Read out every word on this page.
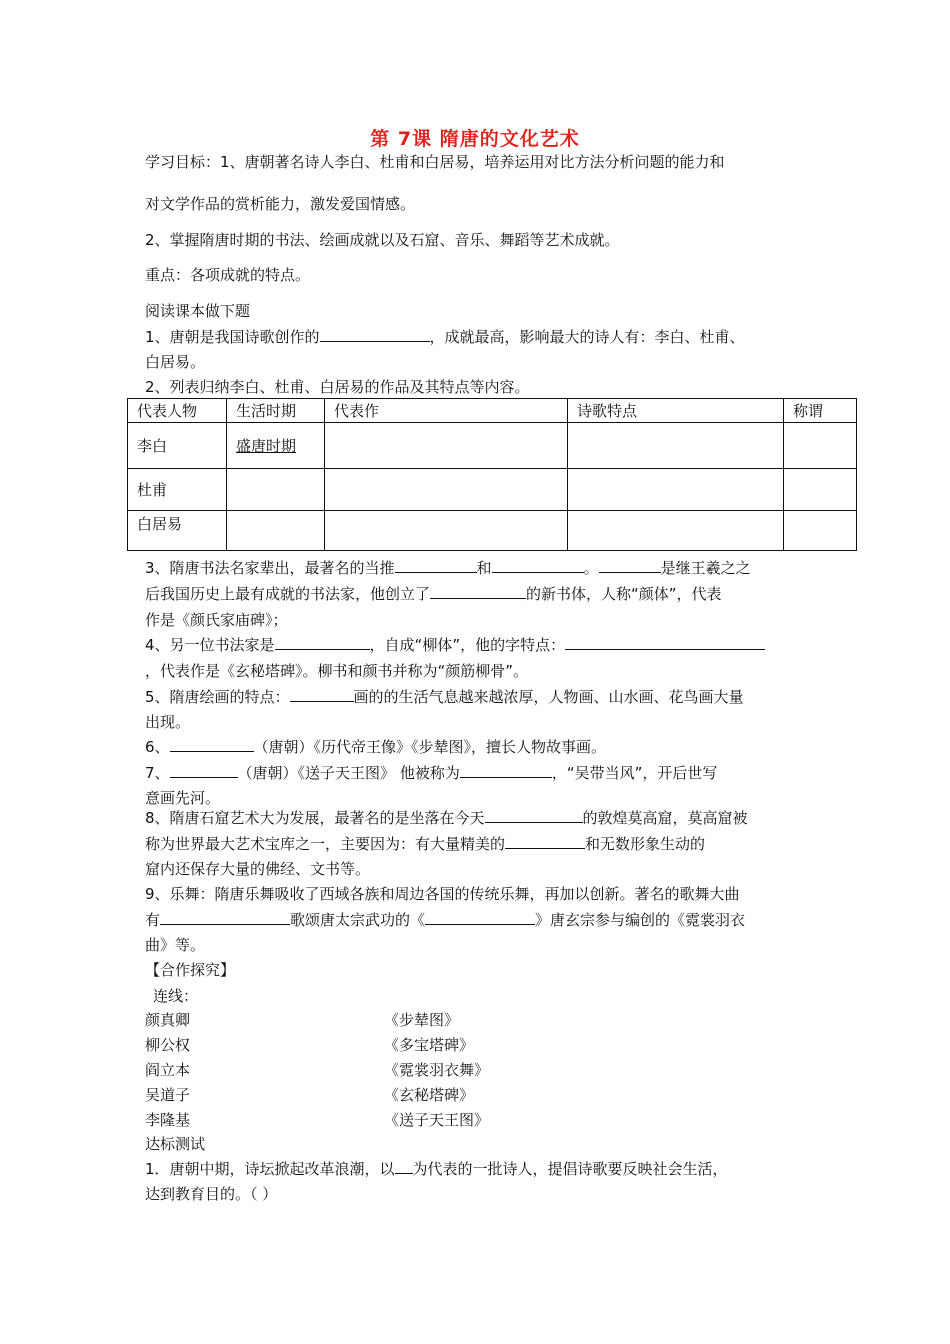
第 7课 隋唐的文化艺术
学习目标：1、唐朝著名诗人李白、杜甫和白居易，培养运用对比方法分析问题的能力和
对文学作品的赏析能力，激发爱国情感。
2、掌握隋唐时期的书法、绘画成就以及石窟、音乐、舞蹈等艺术成就。
重点：各项成就的特点。
阅读课本做下题
1、唐朝是我国诗歌创作的	，成就最高，影响最大的诗人有：李白、杜甫、
白居易。
2、列表归纳李白、杜甫、白居易的作品及其特点等内容。
代表人物	生活时期	代表作	诗歌特点	称谓
李白	盛唐时期			
杜甫				
白居易				
3、隋唐书法名家辈出，最著名的当推	和	。	是继王羲之之
后我国历史上最有成就的书法家，他创立了	的新书体，人称“颜体”，代表
作是《颜氏家庙碑》；
4、另一位书法家是	，自成“柳体”，他的字特点：
，代表作是《玄秘塔碑》。柳书和颜书并称为“颜筋柳骨”。
5、隋唐绘画的特点：	画的的生活气息越来越浓厚，人物画、山水画、花鸟画大量
出现。
6、	（唐朝）《历代帝王像》《步辇图》，擅长人物故事画。
7、	（唐朝）《送子天王图》 他被称为	，“吴带当风”，开后世写
意画先河。
8、隋唐石窟艺术大为发展，最著名的是坐落在今天	的敦煌莫高窟，莫高窟被
称为世界最大艺术宝库之一，主要因为：有大量精美的	和无数形象生动的
窟内还保存大量的佛经、文书等。
9、乐舞：隋唐乐舞吸收了西域各族和周边各国的传统乐舞，再加以创新。著名的歌舞大曲
有	歌颂唐太宗武功的《	》唐玄宗参与编创的《霓裳羽衣
曲》等。
【合作探究】
连线：
颜真卿	《步辇图》
柳公权	《多宝塔碑》
阎立本	《霓裳羽衣舞》
吴道子	《玄秘塔碑》
李隆基	《送子天王图》
达标测试
1．唐朝中期，诗坛掀起改革浪潮，以 为代表的一批诗人，提倡诗歌要反映社会生活，
达到教育目的。（ ）
